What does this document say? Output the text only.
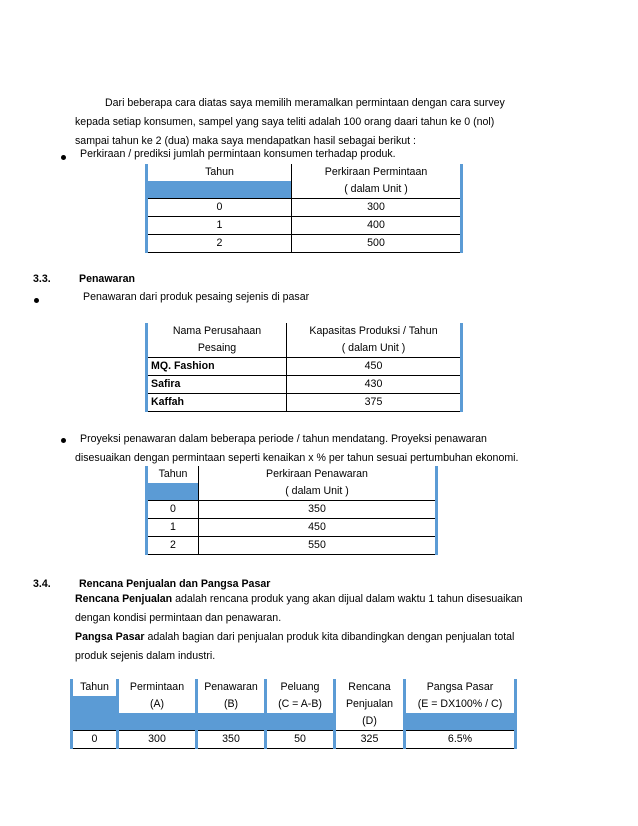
Dari beberapa cara diatas saya memilih meramalkan permintaan dengan cara survey

kepada setiap konsumen, sampel yang saya teliti adalah 100 orang daari tahun ke 0 (nol)

sampai tahun ke 2 (dua) maka saya mendapatkan hasil sebagai berikut :

Perkiraan / prediksi jumlah permintaan konsumen terhadap produk.
Tahun	Perkiraan Permintaan
	( dalam Unit )
0	300
1	400
2	500
3.3.	Penawaran
Penawaran dari produk pesaing sejenis di pasar
Nama Perusahaan	Kapasitas Produksi / Tahun
Pesaing	( dalam Unit )
MQ. Fashion	450
Safira	430
Kaffah	375

Proyeksi penawaran dalam beberapa periode / tahun mendatang. Proyeksi penawaran

disesuaikan dengan permintaan seperti kenaikan x % per tahun sesuai pertumbuhan ekonomi.

Tahun	Perkiraan Penawaran
	( dalam Unit )
0	350
1	450
2	550
3.4.	Rencana Penjualan dan Pangsa Pasar

Rencana Penjualan adalah rencana produk yang akan dijual dalam waktu 1 tahun disesuaikan

dengan kondisi permintaan dan penawaran.

Pangsa Pasar adalah bagian dari penjualan produk kita dibandingkan dengan penjualan total

produk sejenis dalam industri.

Tahun	Permintaan	Penawaran	Peluang	Rencana	Pangsa Pasar
	(A)	(B)	(C = A-B)	Penjualan	(E = DX100% / C)
				(D)	
0	300	350	50	325	6.5%
